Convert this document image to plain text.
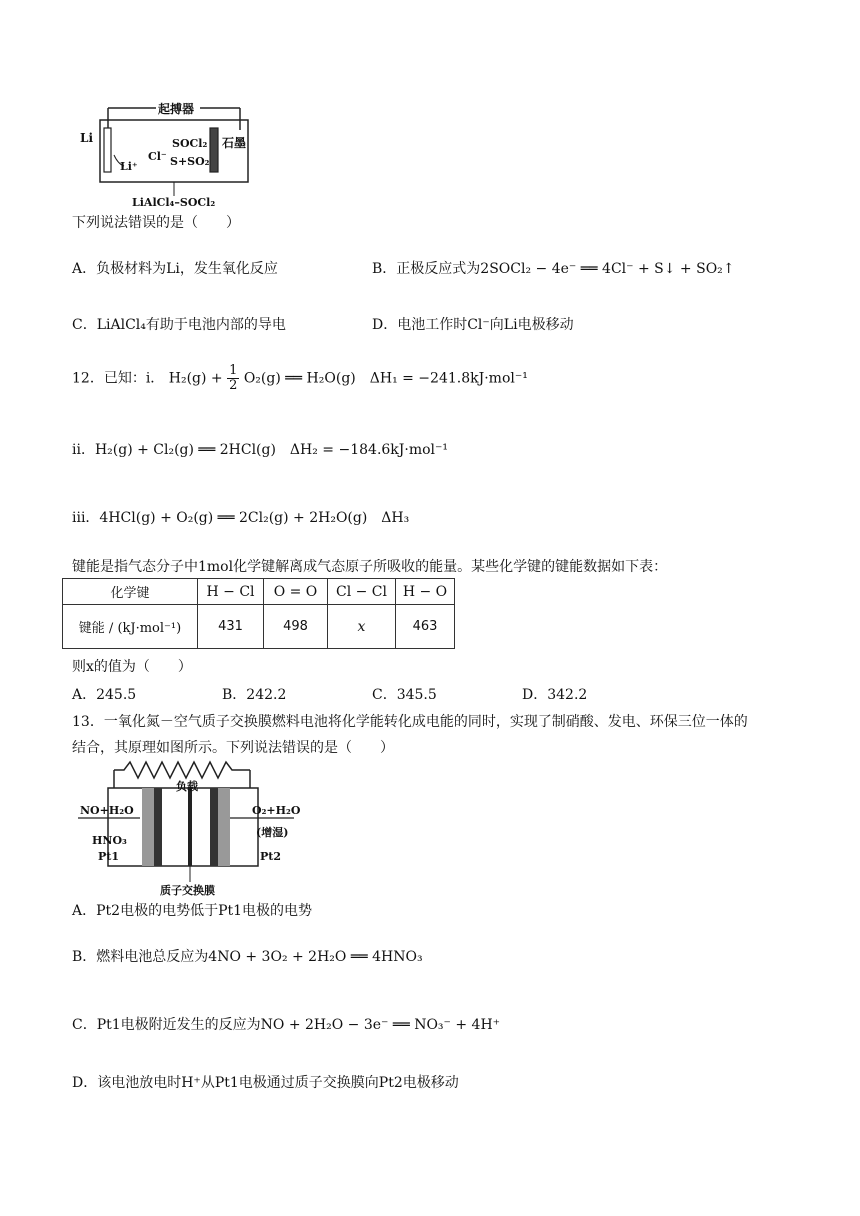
起搏器
Li	石墨
Li⁺
Cl⁻
SOCl₂
S+SO₂
LiAlCl₄–SOCl₂
下列说法错误的是（　　）
A．负极材料为Li，发生氧化反应	B．正极反应式为2SOCl₂ − 4e⁻ ══ 4Cl⁻ + S↓ + SO₂↑
C．LiAlCl₄有助于电池内部的导电	D．电池工作时Cl⁻向Li电极移动
12．已知：i． $H_2(g) + \frac{1}{2} O_2(g)$ ══ H₂O(g)　ΔH₁ = −241.8kJ·mol⁻¹
ii．H₂(g) + Cl₂(g) ══ 2HCl(g)　ΔH₂ = −184.6kJ·mol⁻¹
iii．4HCl(g) + O₂(g) ══ 2Cl₂(g) + 2H₂O(g)　ΔH₃
键能是指气态分子中1mol化学键解离成气态原子所吸收的能量。某些化学键的键能数据如下表：
化学键	H − Cl	O = O	Cl − Cl	H − O
键能 / (kJ·mol⁻¹)	431	498	x	463
则x的值为（　　）
A．245.5	B．242.2	C．345.5	D．342.2
13．一氧化氮－空气质子交换膜燃料电池将化学能转化成电能的同时，实现了制硝酸、发电、环保三位一体的
结合，其原理如图所示。下列说法错误的是（　　）
负载
NO+H₂O
HNO₃
Pt1
O₂+H₂O
(增湿)
Pt2
质子交换膜
A．Pt2电极的电势低于Pt1电极的电势
B．燃料电池总反应为4NO + 3O₂ + 2H₂O ══ 4HNO₃
C．Pt1电极附近发生的反应为NO + 2H₂O − 3e⁻ ══ NO₃⁻ + 4H⁺
D．该电池放电时H⁺从Pt1电极通过质子交换膜向Pt2电极移动
